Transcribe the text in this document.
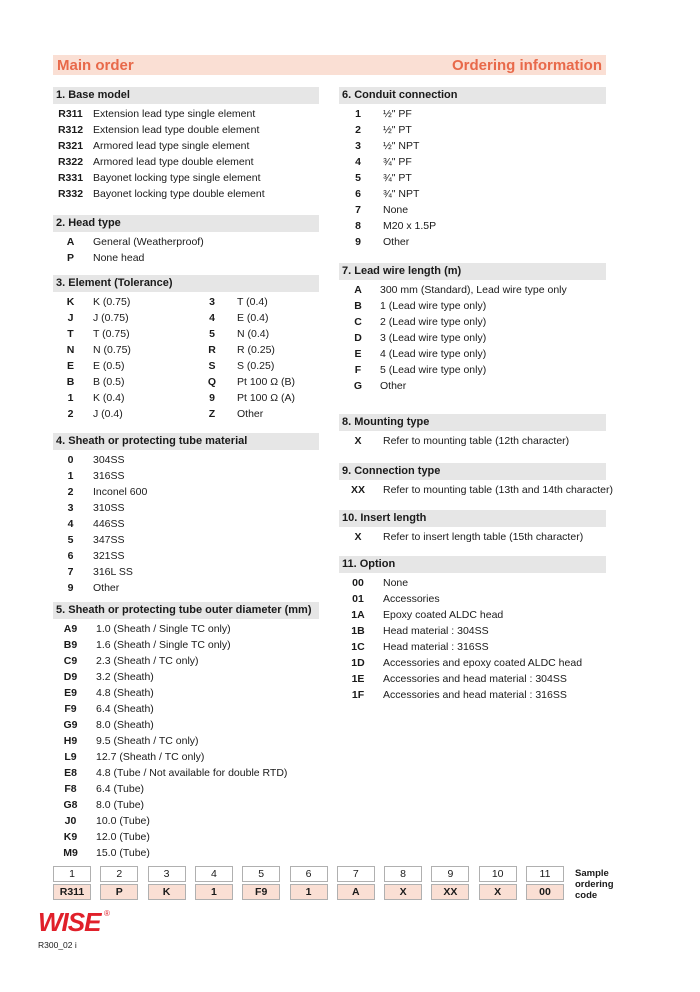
Main order	Ordering information
1. Base model
R311 Extension lead type single element
R312 Extension lead type double element
R321 Armored lead type single element
R322 Armored lead type double element
R331 Bayonet locking type single element
R332 Bayonet locking type double element
2. Head type
A	General (Weatherproof)
P	None head
3. Element (Tolerance)
K	K (0.75)
J	J (0.75)
T	T (0.75)
N	N (0.75)
E	E (0.5)
B	B (0.5)
1	K (0.4)
2	J (0.4)
3	T (0.4)
4	E (0.4)
5	N (0.4)
R	R (0.25)
S	S (0.25)
Q	Pt 100 Ω (B)
9	Pt 100 Ω (A)
Z	Other
4. Sheath or protecting tube material
0	304SS
1	316SS
2	Inconel 600
3	310SS
4	446SS
5	347SS
6	321SS
7	316L SS
9	Other
5. Sheath or protecting tube outer diameter (mm)
A9	1.0 (Sheath / Single TC only)
B9	1.6 (Sheath / Single TC only)
C9	2.3 (Sheath / TC only)
D9	3.2 (Sheath)
E9	4.8 (Sheath)
F9	6.4 (Sheath)
G9	8.0 (Sheath)
H9	9.5 (Sheath / TC only)
L9	12.7 (Sheath / TC only)
E8	4.8 (Tube / Not available for double RTD)
F8	6.4 (Tube)
G8	8.0 (Tube)
J0	10.0 (Tube)
K9	12.0 (Tube)
M9	15.0 (Tube)
6. Conduit connection
1	½" PF
2	½" PT
3	½" NPT
4	¾" PF
5	¾" PT
6	¾" NPT
7	None
8	M20 x 1.5P
9	Other
7. Lead wire length (m)
A	300 mm (Standard), Lead wire type only
B	1 (Lead wire type only)
C	2 (Lead wire type only)
D	3 (Lead wire type only)
E	4 (Lead wire type only)
F	5 (Lead wire type only)
G	Other
8. Mounting type
X	Refer to mounting table (12th character)
9. Connection type
XX	Refer to mounting table (13th and 14th character)
10. Insert length
X	Refer to insert length table (15th character)
11. Option
00	None
01	Accessories
1A	Epoxy coated ALDC head
1B	Head material : 304SS
1C	Head material : 316SS
1D	Accessories and epoxy coated ALDC head
1E	Accessories and head material : 304SS
1F	Accessories and head material : 316SS
1	2	3	4	5	6	7	8	9	10	11
R311	P	K	1	F9	1	A	X	XX	X	00
Sample ordering code
WISE ®
R300_02 i
